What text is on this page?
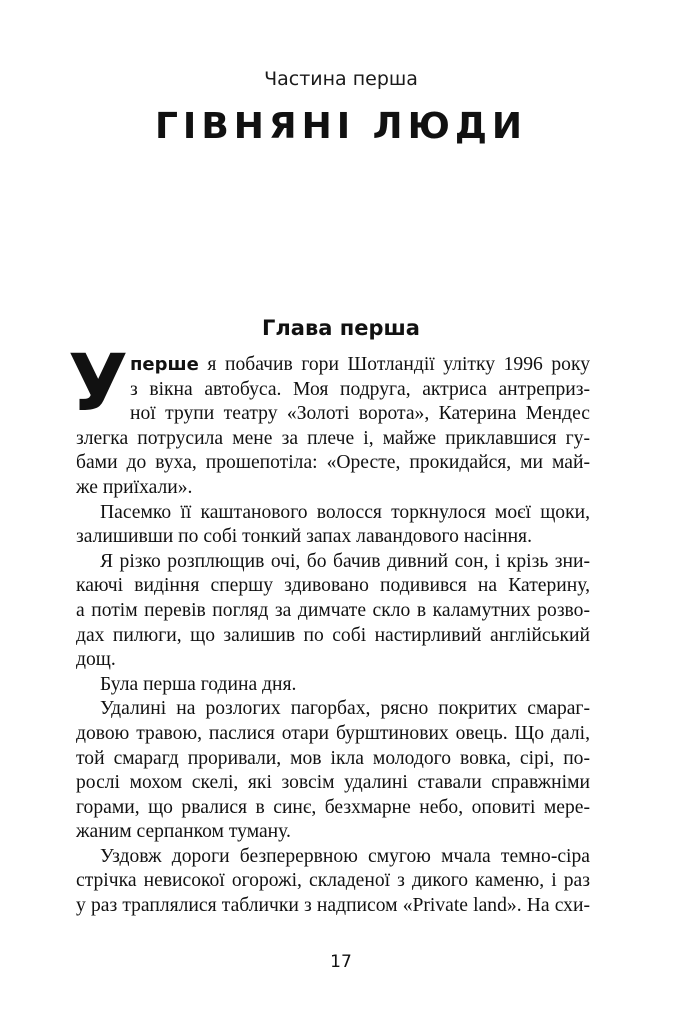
Частина перша
ГІВНЯНІ ЛЮДИ
Глава перша
У перше я побачив гори Шотландії улітку 1996 року
з вікна автобуса. Моя подруга, актриса антреприз-
ної трупи театру «Золоті ворота», Катерина Мендес
злегка потрусила мене за плече і, майже приклавшися гу-
бами до вуха, прошепотіла: «Оресте, прокидайся, ми май-
же приїхали».
Пасемко її каштанового волосся торкнулося моєї щоки,
залишивши по собі тонкий запах лавандового насіння.
Я різко розплющив очі, бо бачив дивний сон, і крізь зни-
каючі видіння спершу здивовано подивився на Катерину,
а потім перевів погляд за димчате скло в каламутних розво-
дах пилюги, що залишив по собі настирливий англійський
дощ.
Була перша година дня.
Удалині на розлогих пагорбах, рясно покритих смараг-
довою травою, паслися отари бурштинових овець. Що далі,
той смарагд проривали, мов ікла молодого вовка, сірі, по-
рослі мохом скелі, які зовсім удалині ставали справжніми
горами, що рвалися в синє, безхмарне небо, оповиті мере-
жаним серпанком туману.
Уздовж дороги безперервною смугою мчала темно-сіра
стрічка невисокої огорожі, складеної з дикого каменю, і раз
у раз траплялися таблички з надписом «Private land». На схи-
17
